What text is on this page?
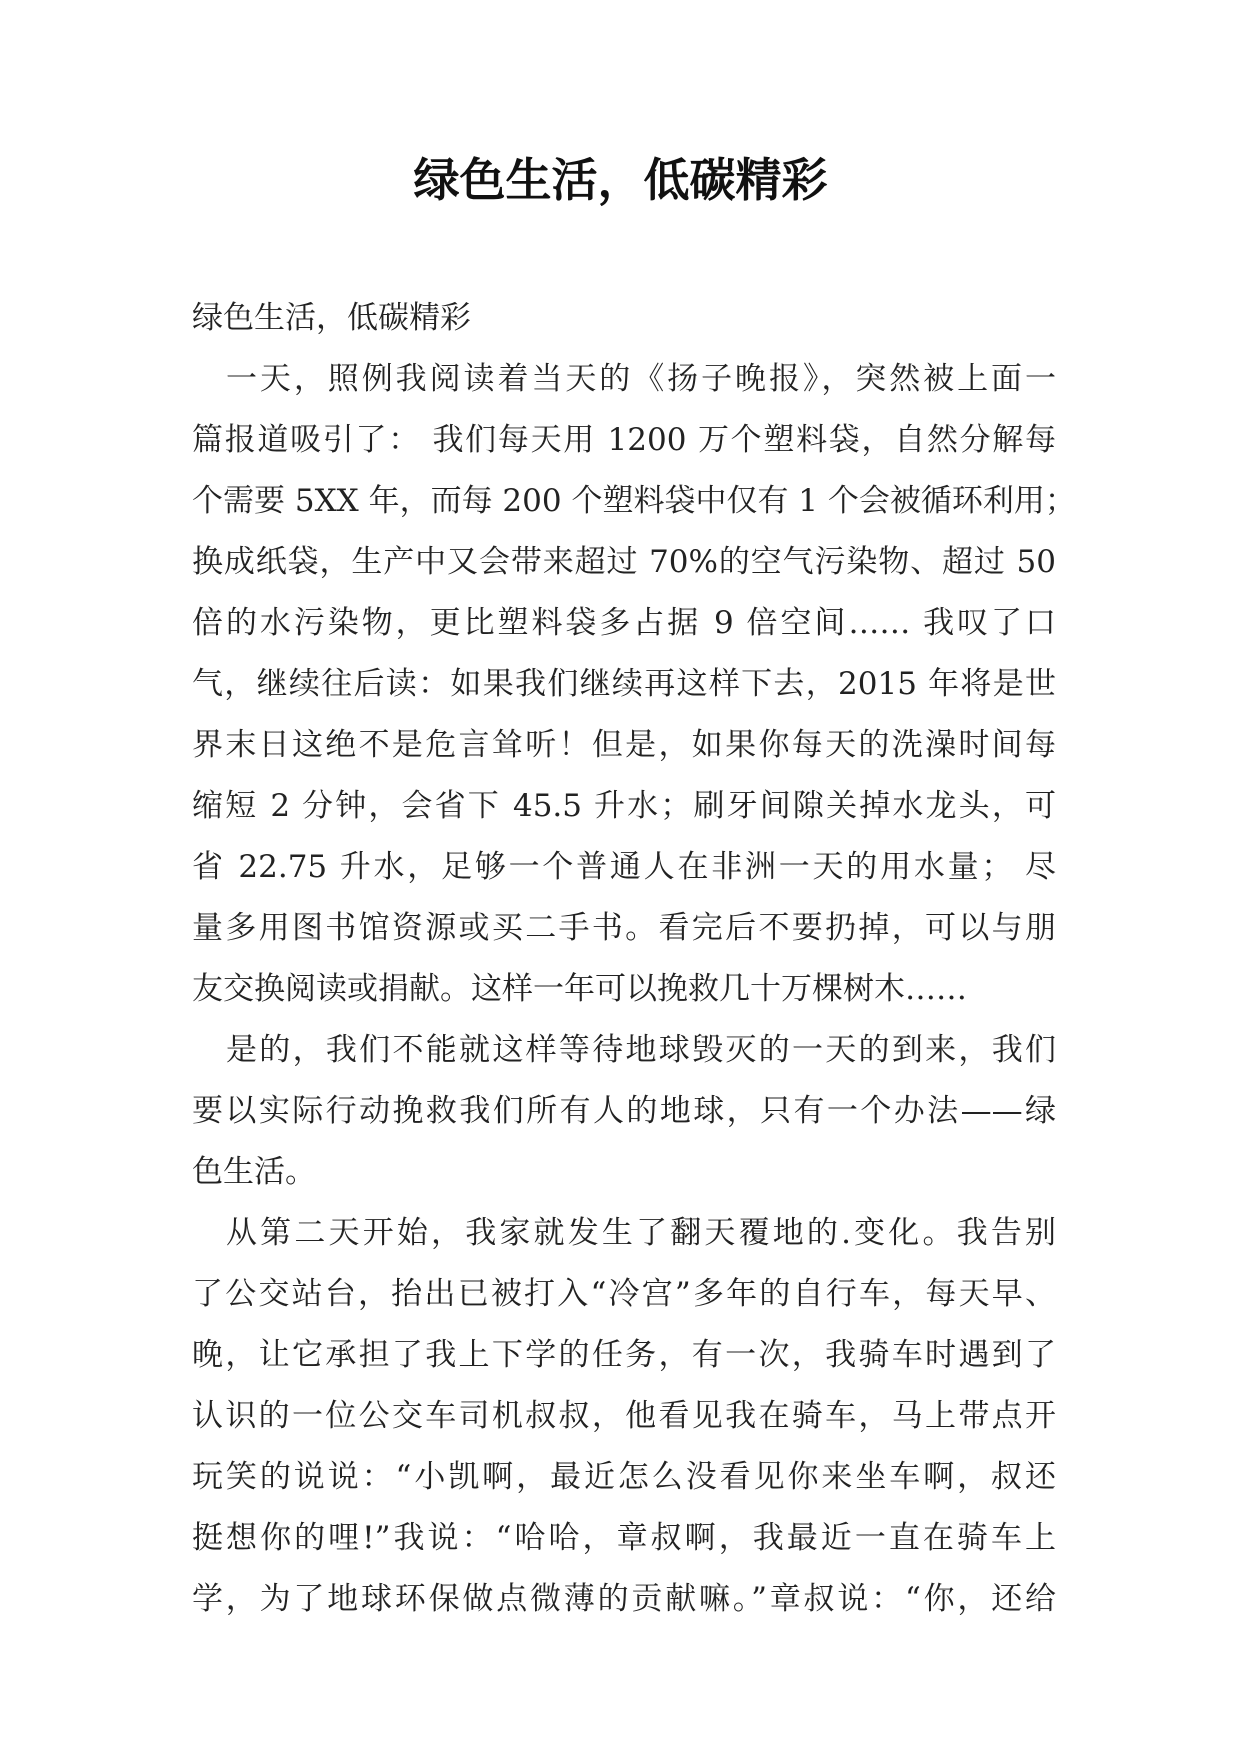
绿色生活，低碳精彩
绿色生活，低碳精彩
一天，照例我阅读着当天的《扬子晚报》，突然被上面一
篇报道吸引了： 我们每天用 1200 万个塑料袋，自然分解每
个需要 5XX 年，而每 200 个塑料袋中仅有 1 个会被循环利用；
换成纸袋，生产中又会带来超过 70%的空气污染物、超过 50
倍的水污染物，更比塑料袋多占据 9 倍空间…… 我叹了口
气，继续往后读：如果我们继续再这样下去，2015 年将是世
界末日这绝不是危言耸听！但是，如果你每天的洗澡时间每
缩短 2 分钟，会省下 45.5 升水；刷牙间隙关掉水龙头，可
省 22.75 升水，足够一个普通人在非洲一天的用水量； 尽
量多用图书馆资源或买二手书。看完后不要扔掉，可以与朋
友交换阅读或捐献。这样一年可以挽救几十万棵树木……
是的，我们不能就这样等待地球毁灭的一天的到来，我们
要以实际行动挽救我们所有人的地球，只有一个办法——绿
色生活。
从第二天开始，我家就发生了翻天覆地的.变化。我告别
了公交站台，抬出已被打入“冷宫”多年的自行车，每天早、
晚，让它承担了我上下学的任务，有一次，我骑车时遇到了
认识的一位公交车司机叔叔，他看见我在骑车，马上带点开
玩笑的说说：“小凯啊，最近怎么没看见你来坐车啊，叔还
挺想你的哩!”我说：“哈哈，章叔啊，我最近一直在骑车上
学，为了地球环保做点微薄的贡献嘛。”章叔说：“你，还给
